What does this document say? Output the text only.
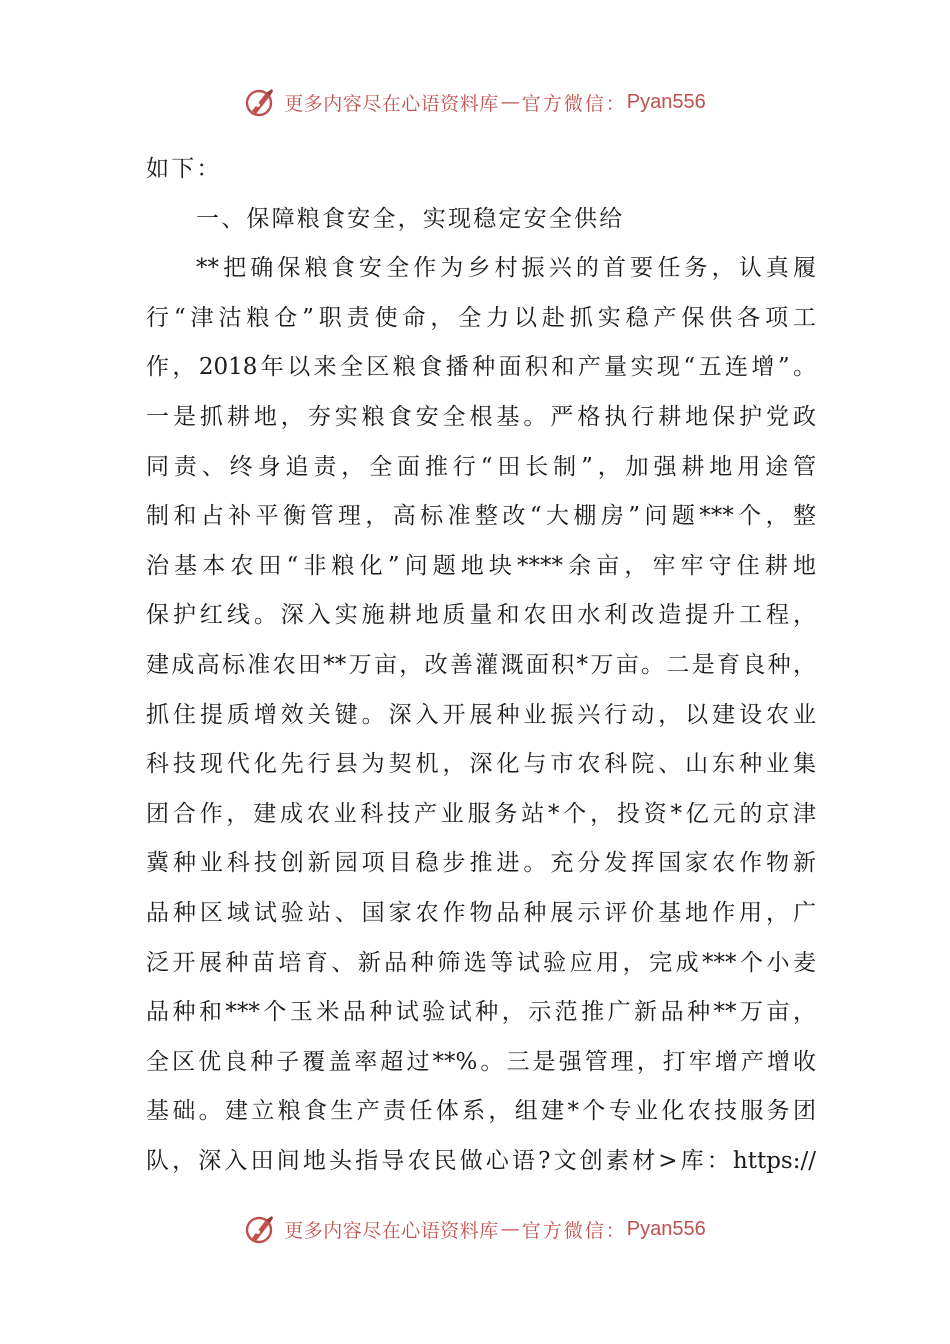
更多内容尽在心语资料库 — 官方微信： Pyan556
如下：
一、保障粮食安全，实现稳定安全供给
**把确保粮食安全作为乡村振兴的首要任务，认真履
行“津沽粮仓”职责使命，全力以赴抓实稳产保供各项工
作，2018年以来全区粮食播种面积和产量实现“五连增”。
一是抓耕地，夯实粮食安全根基。严格执行耕地保护党政
同责、终身追责，全面推行“田长制”，加强耕地用途管
制和占补平衡管理，高标准整改“大棚房”问题***个，整
治基本农田“非粮化”问题地块****余亩，牢牢守住耕地
保护红线。深入实施耕地质量和农田水利改造提升工程，
建成高标准农田**万亩，改善灌溉面积*万亩。二是育良种，
抓住提质增效关键。深入开展种业振兴行动，以建设农业
科技现代化先行县为契机，深化与市农科院、山东种业集
团合作，建成农业科技产业服务站*个，投资*亿元的京津
冀种业科技创新园项目稳步推进。充分发挥国家农作物新
品种区域试验站、国家农作物品种展示评价基地作用，广
泛开展种苗培育、新品种筛选等试验应用，完成***个小麦
品种和***个玉米品种试验试种，示范推广新品种**万亩，
全区优良种子覆盖率超过**%。三是强管理，打牢增产增收
基础。建立粮食生产责任体系，组建*个专业化农技服务团
队，深入田间地头指导农民做心语?文创素材>库：https://
更多内容尽在心语资料库 — 官方微信： Pyan556
